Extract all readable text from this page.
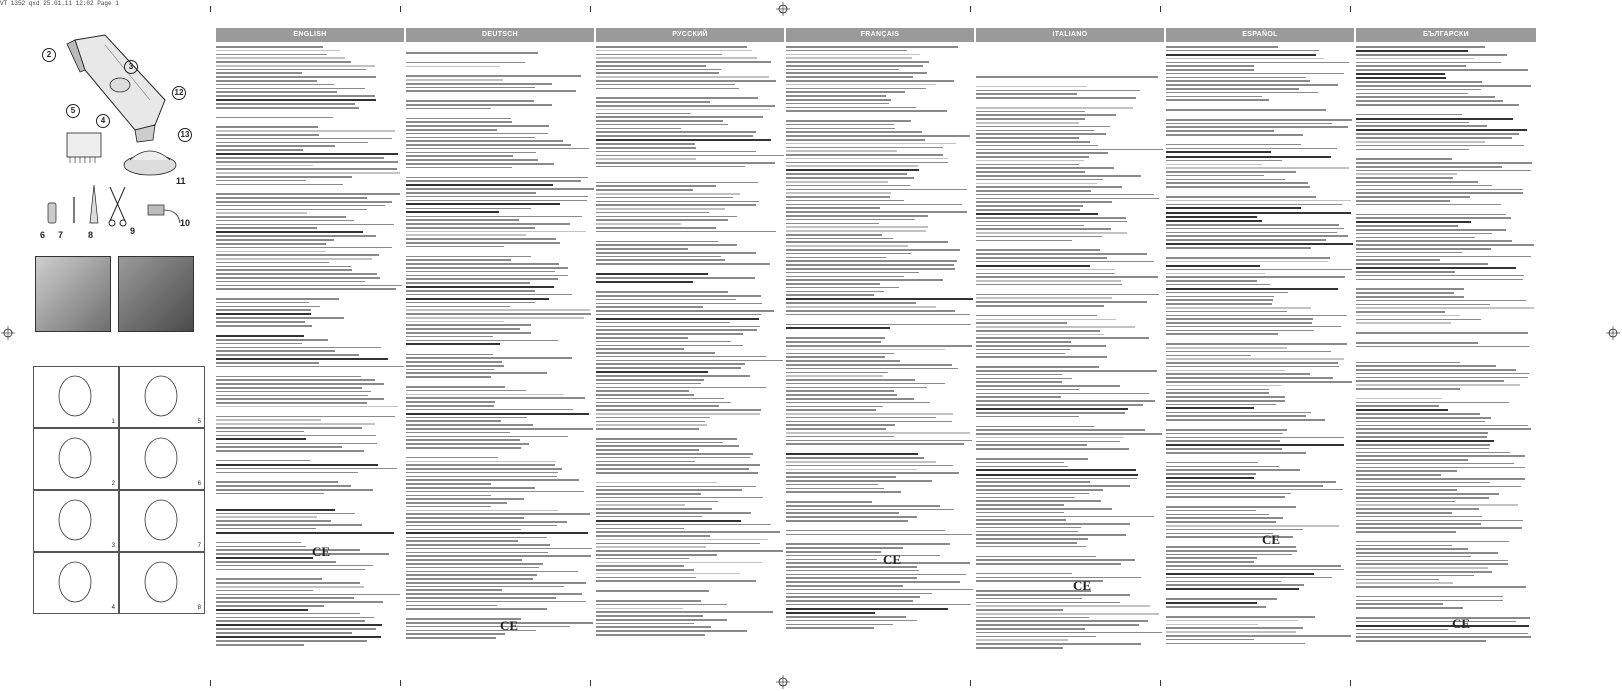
VT 1352 qxd 25.01.11 12:02 Page 1
2
3
12
5
4
13
11
6 7	8	9
10
1	5
2	6
3	7
4	8
ENGLISH	DEUTSCH	РУССКИЙ	FRANÇAIS	ITALIANO	ESPAÑOL	БЪЛГАРСКИ
CE
CE
CE
CE
CE
CE
